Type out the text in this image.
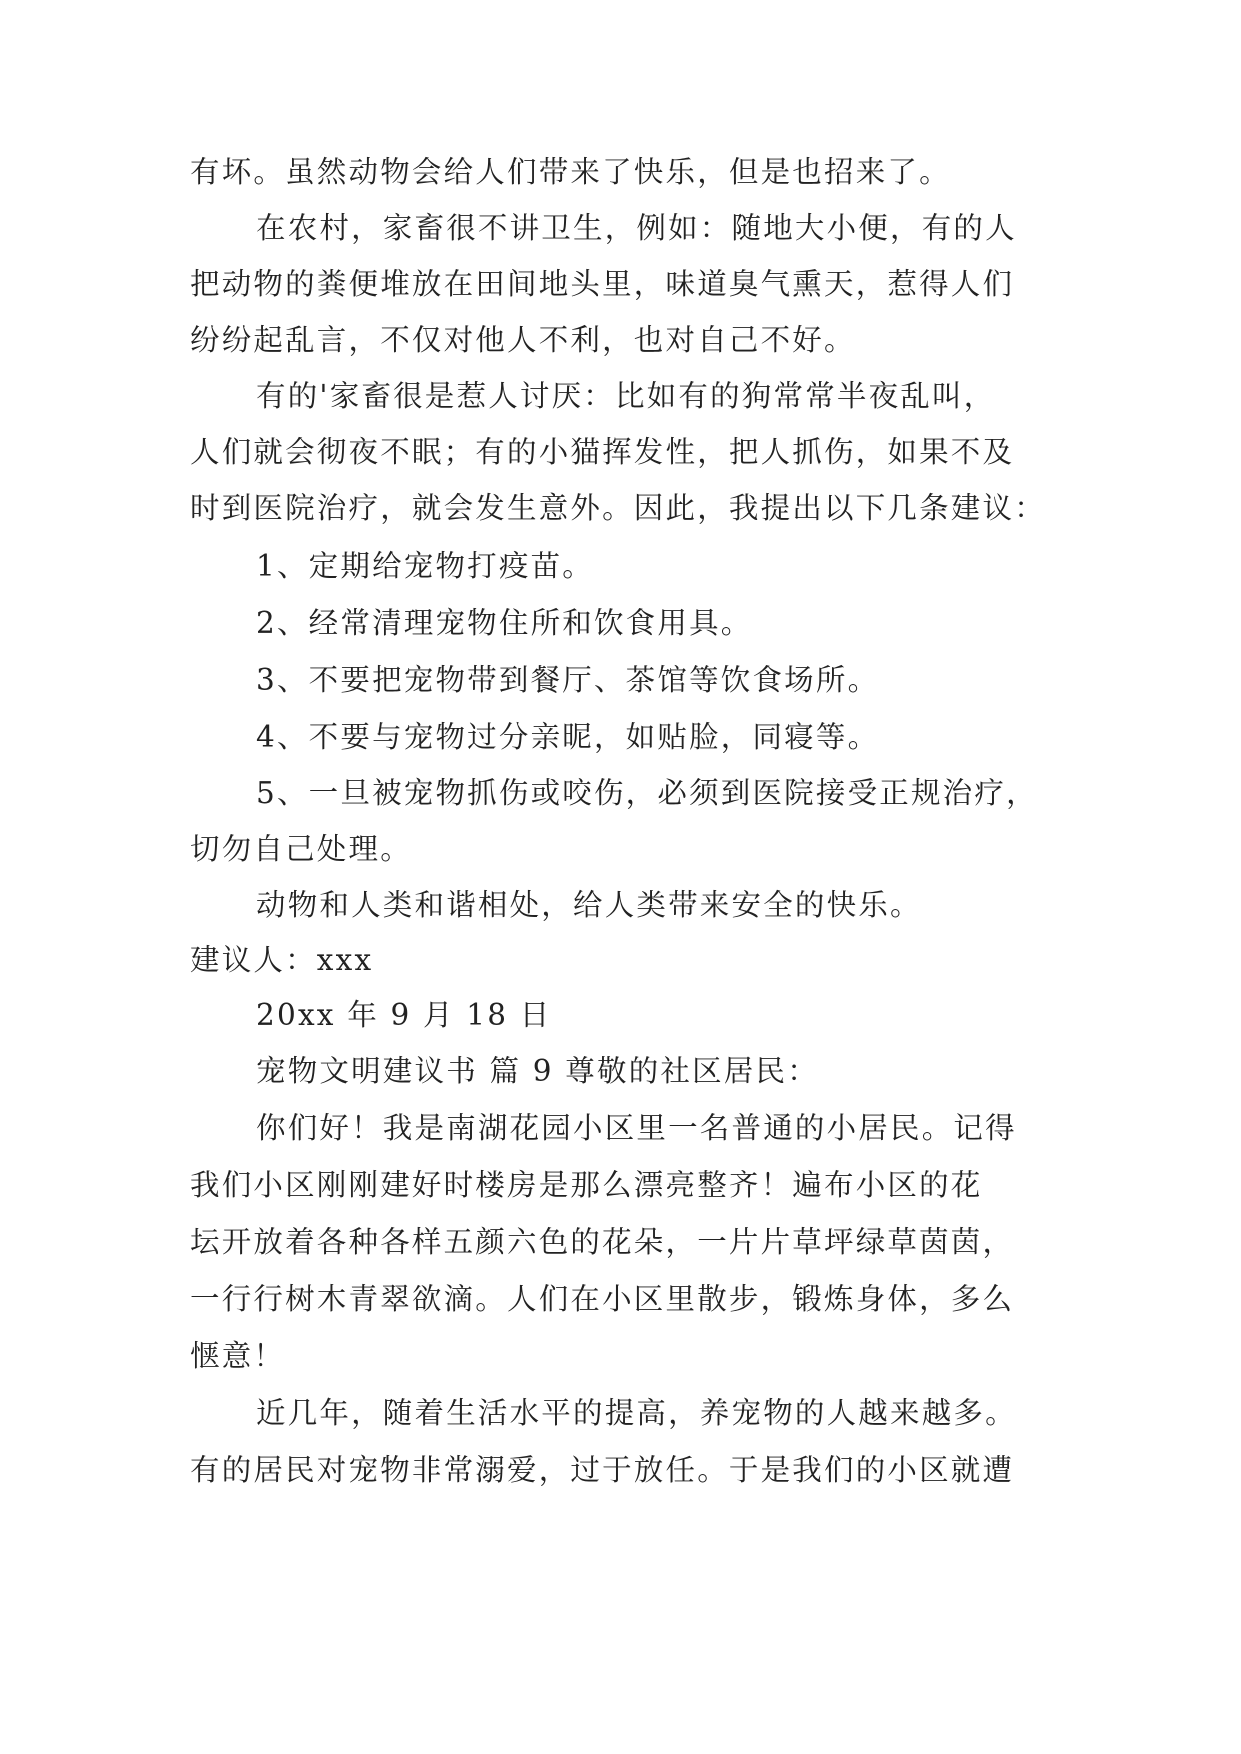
有坏。虽然动物会给人们带来了快乐，但是也招来了。
在农村，家畜很不讲卫生，例如：随地大小便，有的人
把动物的粪便堆放在田间地头里，味道臭气熏天，惹得人们
纷纷起乱言，不仅对他人不利，也对自己不好。
有的'家畜很是惹人讨厌：比如有的狗常常半夜乱叫，
人们就会彻夜不眠；有的小猫挥发性，把人抓伤，如果不及
时到医院治疗，就会发生意外。因此，我提出以下几条建议：
1、定期给宠物打疫苗。
2、经常清理宠物住所和饮食用具。
3、不要把宠物带到餐厅、茶馆等饮食场所。
4、不要与宠物过分亲昵，如贴脸，同寝等。
5、一旦被宠物抓伤或咬伤，必须到医院接受正规治疗，
切勿自己处理。
动物和人类和谐相处，给人类带来安全的快乐。
建议人：xxx
20xx 年 9 月 18 日
宠物文明建议书 篇 9 尊敬的社区居民：
你们好！我是南湖花园小区里一名普通的小居民。记得
我们小区刚刚建好时楼房是那么漂亮整齐！遍布小区的花
坛开放着各种各样五颜六色的花朵，一片片草坪绿草茵茵，
一行行树木青翠欲滴。人们在小区里散步，锻炼身体，多么
惬意！
近几年，随着生活水平的提高，养宠物的人越来越多。
有的居民对宠物非常溺爱，过于放任。于是我们的小区就遭
